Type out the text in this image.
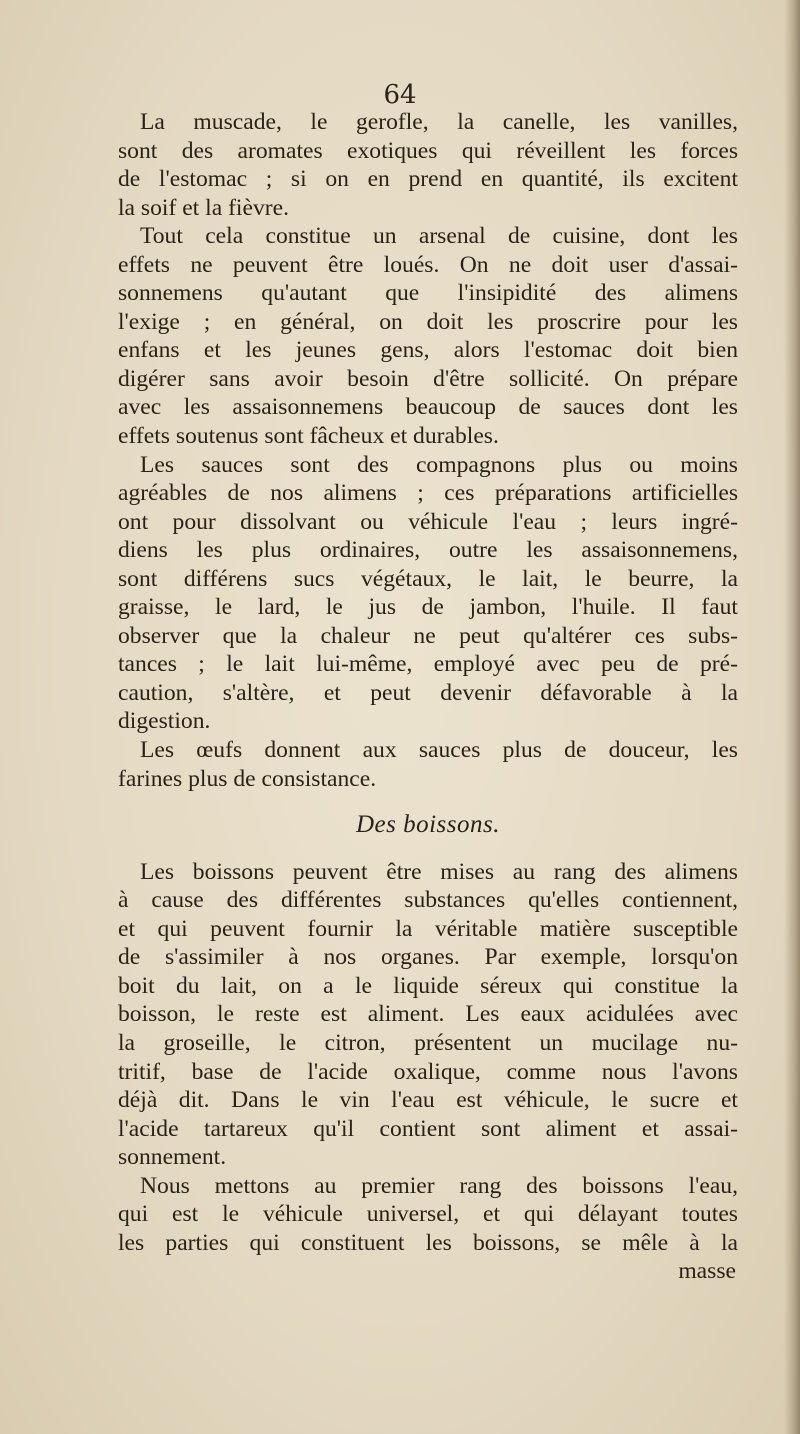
64

La muscade, le gerofle, la canelle, les vanilles,
sont des aromates exotiques qui réveillent les forces
de l'estomac ; si on en prend en quantité, ils excitent
la soif et la fièvre.
Tout cela constitue un arsenal de cuisine, dont les
effets ne peuvent être loués. On ne doit user d'assai-
sonnemens qu'autant que l'insipidité des alimens
l'exige ; en général, on doit les proscrire pour les
enfans et les jeunes gens, alors l'estomac doit bien
digérer sans avoir besoin d'être sollicité. On prépare
avec les assaisonnemens beaucoup de sauces dont les
effets soutenus sont fâcheux et durables.
Les sauces sont des compagnons plus ou moins
agréables de nos alimens ; ces préparations artificielles
ont pour dissolvant ou véhicule l'eau ; leurs ingré-
diens les plus ordinaires, outre les assaisonnemens,
sont différens sucs végétaux, le lait, le beurre, la
graisse, le lard, le jus de jambon, l'huile. Il faut
observer que la chaleur ne peut qu'altérer ces subs-
tances ; le lait lui-même, employé avec peu de pré-
caution, s'altère, et peut devenir défavorable à la
digestion.
Les œufs donnent aux sauces plus de douceur, les
farines plus de consistance.
Des boissons.
Les boissons peuvent être mises au rang des alimens
à cause des différentes substances qu'elles contiennent,
et qui peuvent fournir la véritable matière susceptible
de s'assimiler à nos organes. Par exemple, lorsqu'on
boit du lait, on a le liquide séreux qui constitue la
boisson, le reste est aliment. Les eaux acidulées avec
la groseille, le citron, présentent un mucilage nu-
tritif, base de l'acide oxalique, comme nous l'avons
déjà dit. Dans le vin l'eau est véhicule, le sucre et
l'acide tartareux qu'il contient sont aliment et assai-
sonnement.
Nous mettons au premier rang des boissons l'eau,
qui est le véhicule universel, et qui délayant toutes
les parties qui constituent les boissons, se mêle à la
masse
